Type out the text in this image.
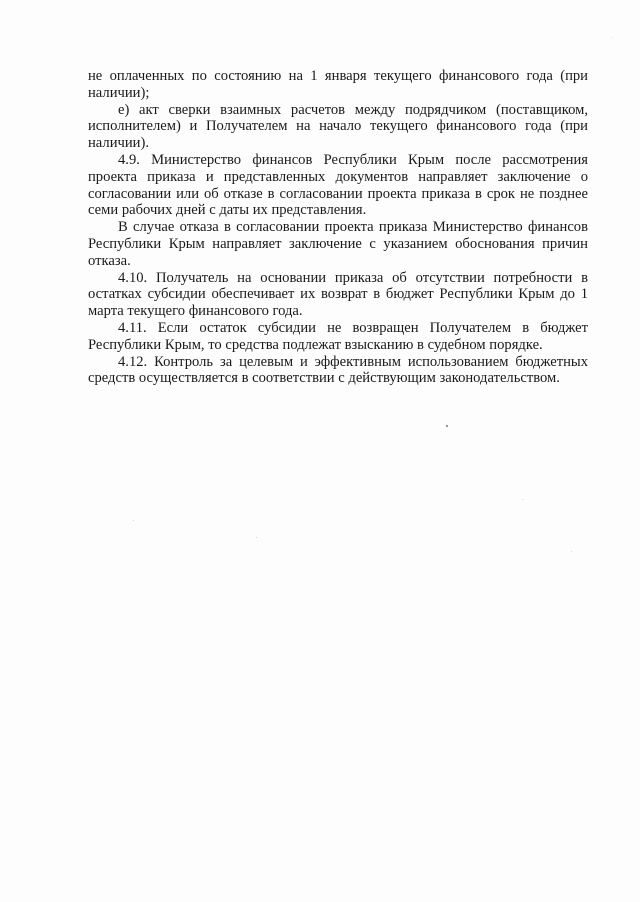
не оплаченных по состоянию на 1 января текущего финансового года (при наличии);

е) акт сверки взаимных расчетов между подрядчиком (поставщиком, исполнителем) и Получателем на начало текущего финансового года (при наличии).

4.9. Министерство финансов Республики Крым после рассмотрения проекта приказа и представленных документов направляет заключение о согласовании или об отказе в согласовании проекта приказа в срок не позднее семи рабочих дней с даты их представления.

В случае отказа в согласовании проекта приказа Министерство финансов Республики Крым направляет заключение с указанием обоснования причин отказа.

4.10. Получатель на основании приказа об отсутствии потребности в остатках субсидии обеспечивает их возврат в бюджет Республики Крым до 1 марта текущего финансового года.

4.11. Если остаток субсидии не возвращен Получателем в бюджет Республики Крым, то средства подлежат взысканию в судебном порядке.

4.12. Контроль за целевым и эффективным использованием бюджетных средств осуществляется в соответствии с действующим законодательством.
